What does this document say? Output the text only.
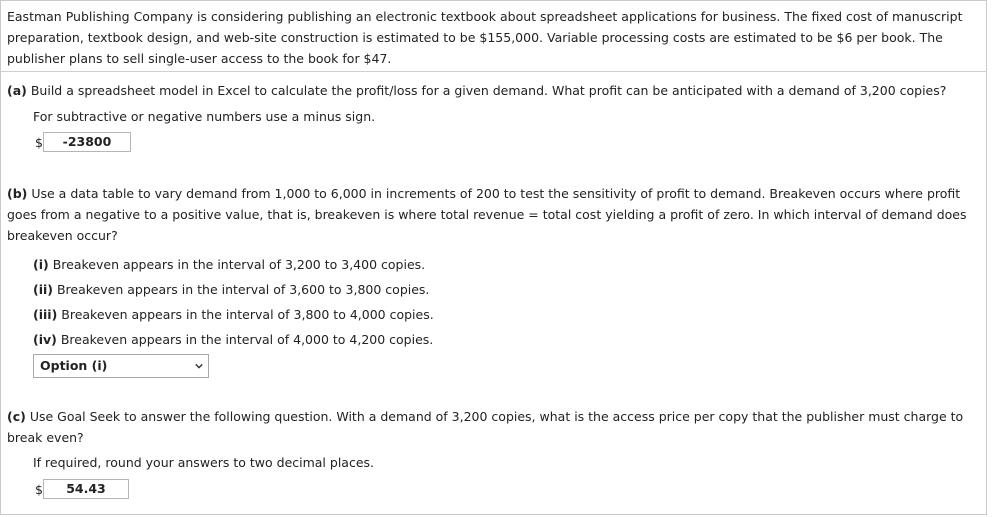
Eastman Publishing Company is considering publishing an electronic textbook about spreadsheet applications for business. The fixed cost of manuscript preparation, textbook design, and web-site construction is estimated to be $155,000. Variable processing costs are estimated to be $6 per book. The publisher plans to sell single-user access to the book for $47.
(a) Build a spreadsheet model in Excel to calculate the profit/loss for a given demand. What profit can be anticipated with a demand of 3,200 copies?
For subtractive or negative numbers use a minus sign.
$	-23800
(b) Use a data table to vary demand from 1,000 to 6,000 in increments of 200 to test the sensitivity of profit to demand. Breakeven occurs where profit goes from a negative to a positive value, that is, breakeven is where total revenue = total cost yielding a profit of zero. In which interval of demand does breakeven occur?
(i) Breakeven appears in the interval of 3,200 to 3,400 copies.
(ii) Breakeven appears in the interval of 3,600 to 3,800 copies.
(iii) Breakeven appears in the interval of 3,800 to 4,000 copies.
(iv) Breakeven appears in the interval of 4,000 to 4,200 copies.
Option (i)
(c) Use Goal Seek to answer the following question. With a demand of 3,200 copies, what is the access price per copy that the publisher must charge to break even?
If required, round your answers to two decimal places.
$	54.43
